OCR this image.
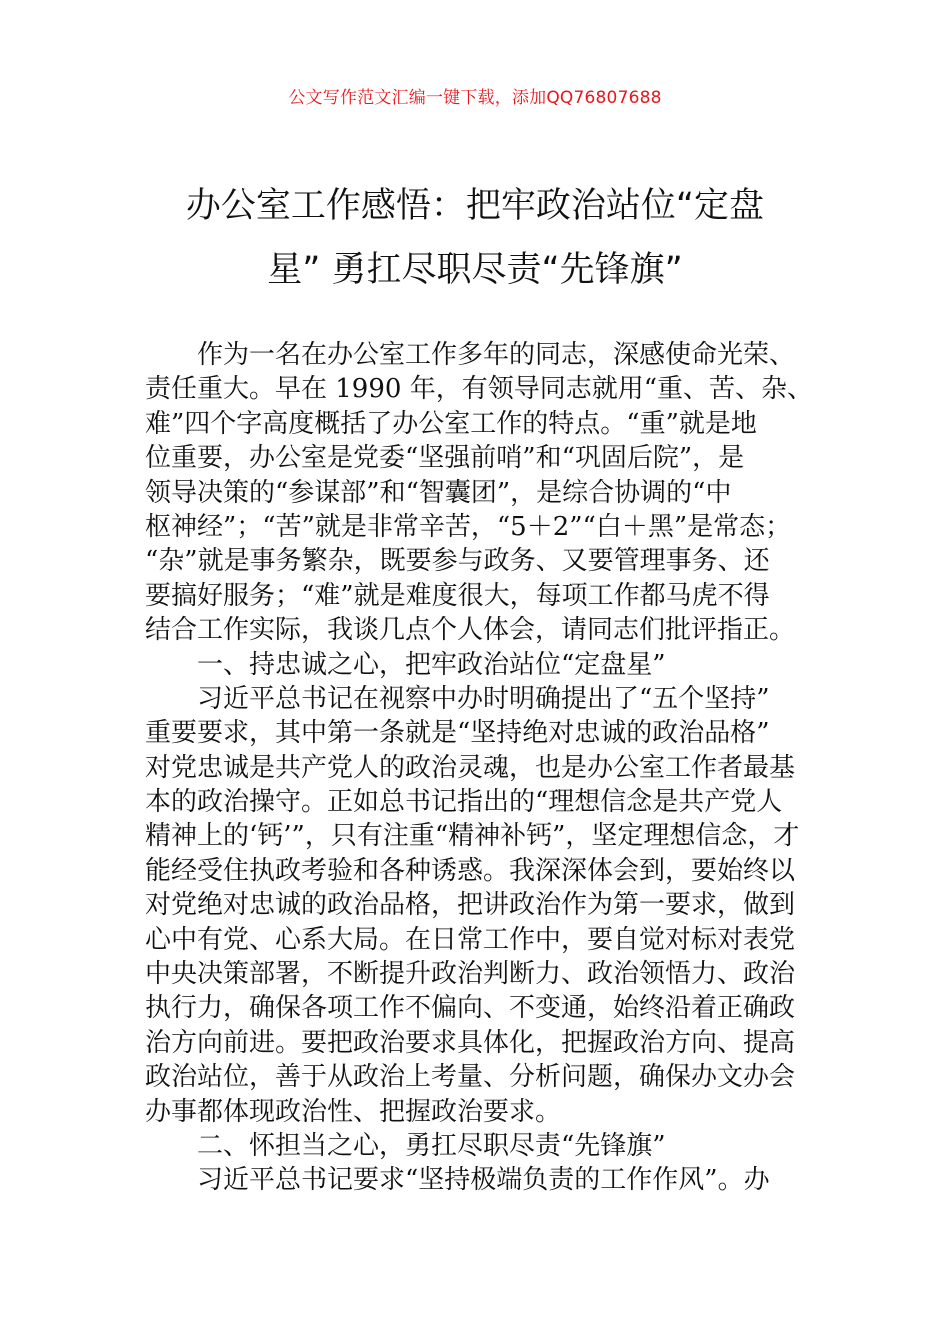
公文写作范文汇编一键下载，添加QQ76807688
办公室工作感悟：把牢政治站位“定盘
星” 勇扛尽职尽责“先锋旗”
作为一名在办公室工作多年的同志，深感使命光荣、
责任重大。早在 1990 年，有领导同志就用“重、苦、杂、
难”四个字高度概括了办公室工作的特点。“重”就是地
位重要，办公室是党委“坚强前哨”和“巩固后院”，是
领导决策的“参谋部”和“智囊团”，是综合协调的“中
枢神经”；“苦”就是非常辛苦，“5＋2”“白＋黑”是常态；
“杂”就是事务繁杂，既要参与政务、又要管理事务、还
要搞好服务；“难”就是难度很大，每项工作都马虎不得
结合工作实际，我谈几点个人体会，请同志们批评指正。
一、持忠诚之心，把牢政治站位“定盘星”
习近平总书记在视察中办时明确提出了“五个坚持”
重要要求，其中第一条就是“坚持绝对忠诚的政治品格”
对党忠诚是共产党人的政治灵魂，也是办公室工作者最基
本的政治操守。正如总书记指出的“理想信念是共产党人
精神上的‘钙’”，只有注重“精神补钙”，坚定理想信念，才
能经受住执政考验和各种诱惑。我深深体会到，要始终以
对党绝对忠诚的政治品格，把讲政治作为第一要求，做到
心中有党、心系大局。在日常工作中，要自觉对标对表党
中央决策部署，不断提升政治判断力、政治领悟力、政治
执行力，确保各项工作不偏向、不变通，始终沿着正确政
治方向前进。要把政治要求具体化，把握政治方向、提高
政治站位，善于从政治上考量、分析问题，确保办文办会
办事都体现政治性、把握政治要求。
二、怀担当之心，勇扛尽职尽责“先锋旗”
习近平总书记要求“坚持极端负责的工作作风”。办
